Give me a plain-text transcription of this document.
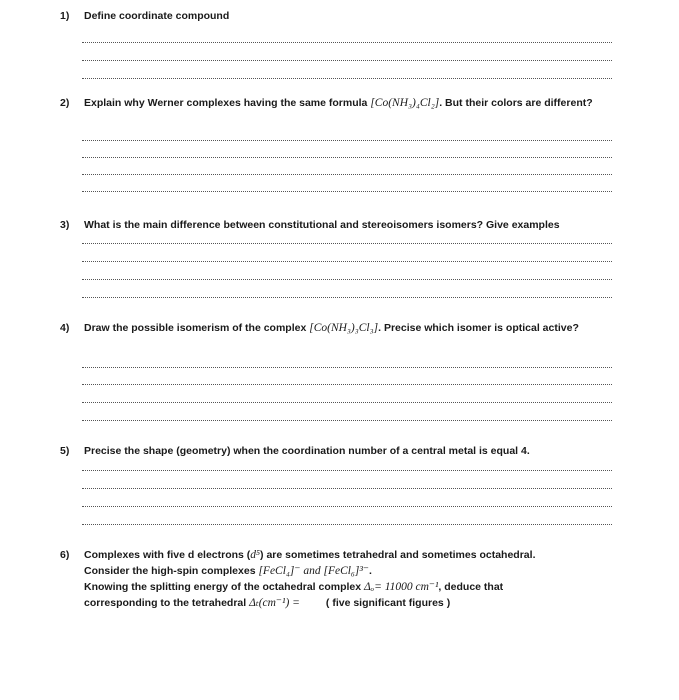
1) Define coordinate compound
2) Explain why Werner complexes having the same formula [Co(NH₃)₄Cl₂]. But their colors are different?
3) What is the main difference between constitutional and stereoisomers isomers? Give examples
4) Draw the possible isomerism of the complex [Co(NH₃)₃Cl₃]. Precise which isomer is optical active?
5) Precise the shape (geometry) when the coordination number of a central metal is equal 4.
6) Complexes with five d electrons (d⁵) are sometimes tetrahedral and sometimes octahedral.
Consider the high-spin complexes [FeCl₄]⁻ and [FeCl₆]³⁻.
Knowing the splitting energy of the octahedral complex Δₒ= 11000 cm⁻¹, deduce that
corresponding to the tetrahedral Δₜ(cm⁻¹) = ( five significant figures )
